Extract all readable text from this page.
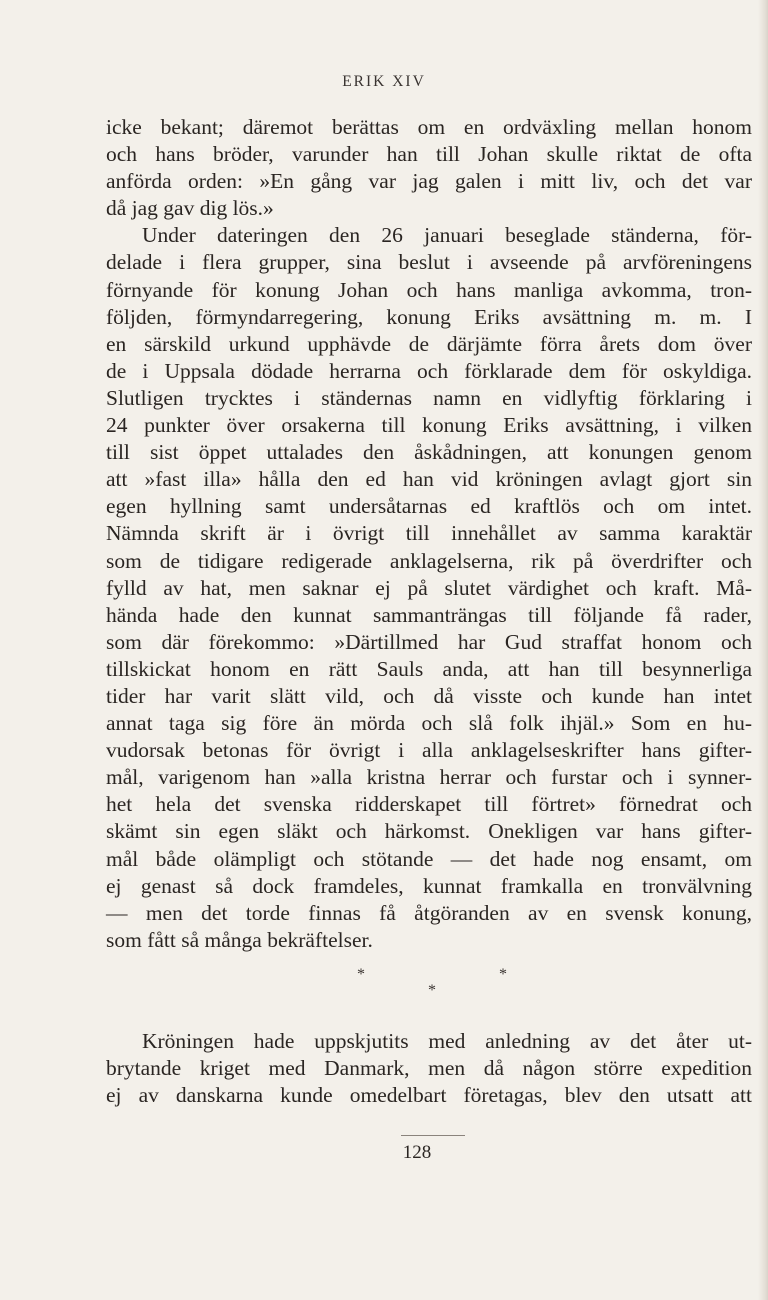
ERIK XIV
icke bekant; däremot berättas om en ordväxling mellan honom
och hans bröder, varunder han till Johan skulle riktat de ofta
anförda orden: »En gång var jag galen i mitt liv, och det var
då jag gav dig lös.»
Under dateringen den 26 januari beseglade ständerna, för-
delade i flera grupper, sina beslut i avseende på arvföreningens
förnyande för konung Johan och hans manliga avkomma, tron-
följden, förmyndarregering, konung Eriks avsättning m. m. I
en särskild urkund upphävde de därjämte förra årets dom över
de i Uppsala dödade herrarna och förklarade dem för oskyldiga.
Slutligen trycktes i ständernas namn en vidlyftig förklaring i
24 punkter över orsakerna till konung Eriks avsättning, i vilken
till sist öppet uttalades den åskådningen, att konungen genom
att »fast illa» hålla den ed han vid kröningen avlagt gjort sin
egen hyllning samt undersåtarnas ed kraftlös och om intet.
Nämnda skrift är i övrigt till innehållet av samma karaktär
som de tidigare redigerade anklagelserna, rik på överdrifter och
fylld av hat, men saknar ej på slutet värdighet och kraft. Må-
hända hade den kunnat sammanträngas till följande få rader,
som där förekommo: »Därtillmed har Gud straffat honom och
tillskickat honom en rätt Sauls anda, att han till besynnerliga
tider har varit slätt vild, och då visste och kunde han intet
annat taga sig före än mörda och slå folk ihjäl.» Som en hu-
vudorsak betonas för övrigt i alla anklagelseskrifter hans gifter-
mål, varigenom han »alla kristna herrar och furstar och i synner-
het hela det svenska ridderskapet till förtret» förnedrat och
skämt sin egen släkt och härkomst. Onekligen var hans gifter-
mål både olämpligt och stötande — det hade nog ensamt, om
ej genast så dock framdeles, kunnat framkalla en tronvälvning
— men det torde finnas få åtgöranden av en svensk konung,
som fått så många bekräftelser.
*	*
*
Kröningen hade uppskjutits med anledning av det åter ut-
brytande kriget med Danmark, men då någon större expedition
ej av danskarna kunde omedelbart företagas, blev den utsatt att
128
